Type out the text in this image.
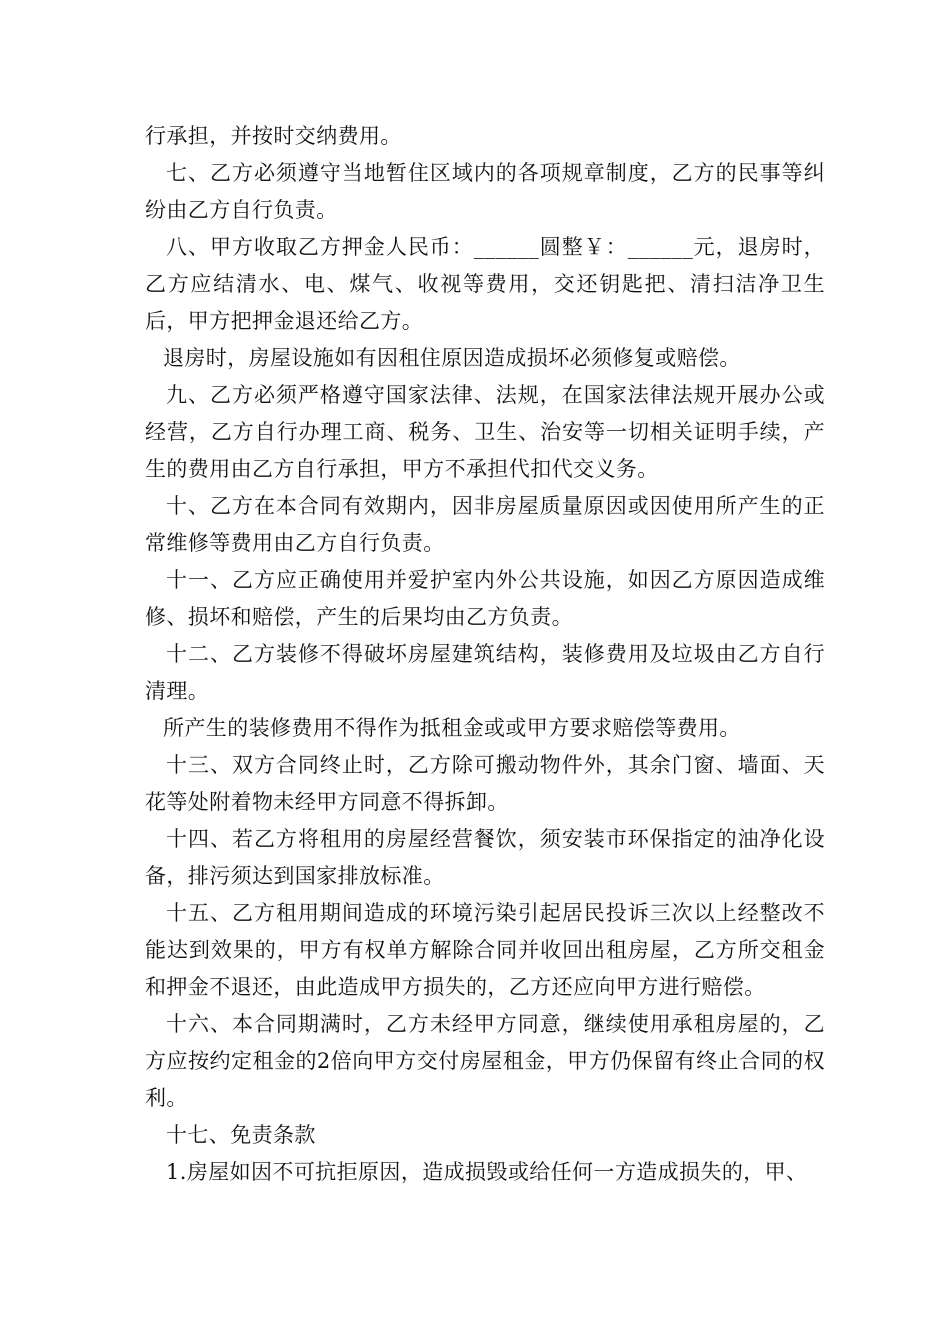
行承担，并按时交纳费用。

七、乙方必须遵守当地暂住区域内的各项规章制度，乙方的民事等纠纷由乙方自行负责。

八、甲方收取乙方押金人民币：______圆整￥：______元，退房时，乙方应结清水、电、煤气、收视等费用，交还钥匙把、清扫洁净卫生后，甲方把押金退还给乙方。

退房时，房屋设施如有因租住原因造成损坏必须修复或赔偿。

九、乙方必须严格遵守国家法律、法规，在国家法律法规开展办公或经营，乙方自行办理工商、税务、卫生、治安等一切相关证明手续，产生的费用由乙方自行承担，甲方不承担代扣代交义务。

十、乙方在本合同有效期内，因非房屋质量原因或因使用所产生的正常维修等费用由乙方自行负责。

十一、乙方应正确使用并爱护室内外公共设施，如因乙方原因造成维修、损坏和赔偿，产生的后果均由乙方负责。

十二、乙方装修不得破坏房屋建筑结构，装修费用及垃圾由乙方自行清理。

所产生的装修费用不得作为抵租金或或甲方要求赔偿等费用。

十三、双方合同终止时，乙方除可搬动物件外，其余门窗、墙面、天花等处附着物未经甲方同意不得拆卸。

十四、若乙方将租用的房屋经营餐饮，须安装市环保指定的油净化设备，排污须达到国家排放标准。

十五、乙方租用期间造成的环境污染引起居民投诉三次以上经整改不能达到效果的，甲方有权单方解除合同并收回出租房屋，乙方所交租金和押金不退还，由此造成甲方损失的，乙方还应向甲方进行赔偿。

十六、本合同期满时，乙方未经甲方同意，继续使用承租房屋的，乙方应按约定租金的2倍向甲方交付房屋租金，甲方仍保留有终止合同的权利。

十七、免责条款

1.房屋如因不可抗拒原因，造成损毁或给任何一方造成损失的，甲、
